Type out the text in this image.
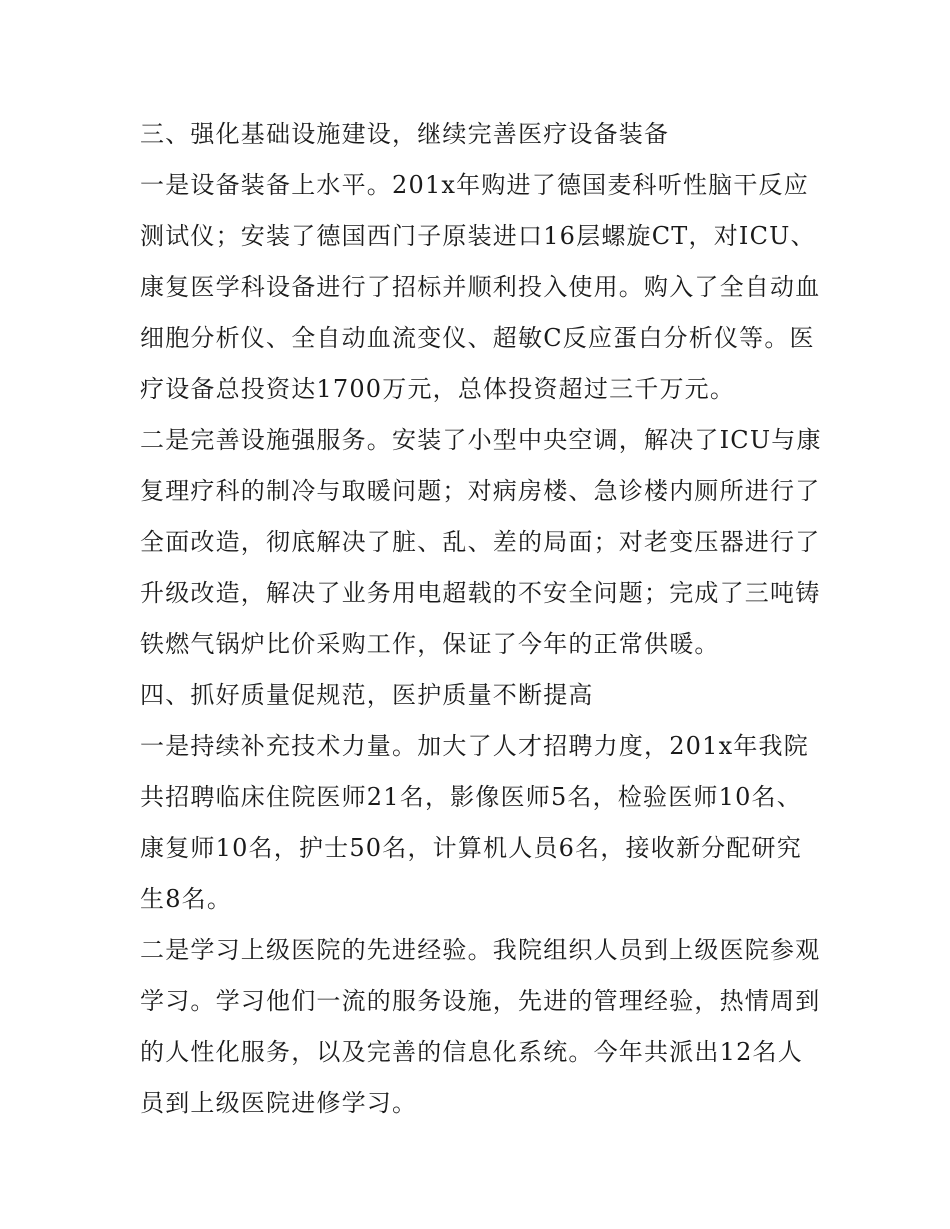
三、强化基础设施建设，继续完善医疗设备装备
一是设备装备上水平。201x年购进了德国麦科听性脑干反应
测试仪；安装了德国西门子原装进口16层螺旋CT，对ICU、
康复医学科设备进行了招标并顺利投入使用。购入了全自动血
细胞分析仪、全自动血流变仪、超敏C反应蛋白分析仪等。医
疗设备总投资达1700万元，总体投资超过三千万元。
二是完善设施强服务。安装了小型中央空调，解决了ICU与康
复理疗科的制冷与取暖问题；对病房楼、急诊楼内厕所进行了
全面改造，彻底解决了脏、乱、差的局面；对老变压器进行了
升级改造，解决了业务用电超载的不安全问题；完成了三吨铸
铁燃气锅炉比价采购工作，保证了今年的正常供暖。
四、抓好质量促规范，医护质量不断提高
一是持续补充技术力量。加大了人才招聘力度，201x年我院
共招聘临床住院医师21名，影像医师5名，检验医师10名、
康复师10名，护士50名，计算机人员6名，接收新分配研究
生8名。
二是学习上级医院的先进经验。我院组织人员到上级医院参观
学习。学习他们一流的服务设施，先进的管理经验，热情周到
的人性化服务，以及完善的信息化系统。今年共派出12名人
员到上级医院进修学习。
